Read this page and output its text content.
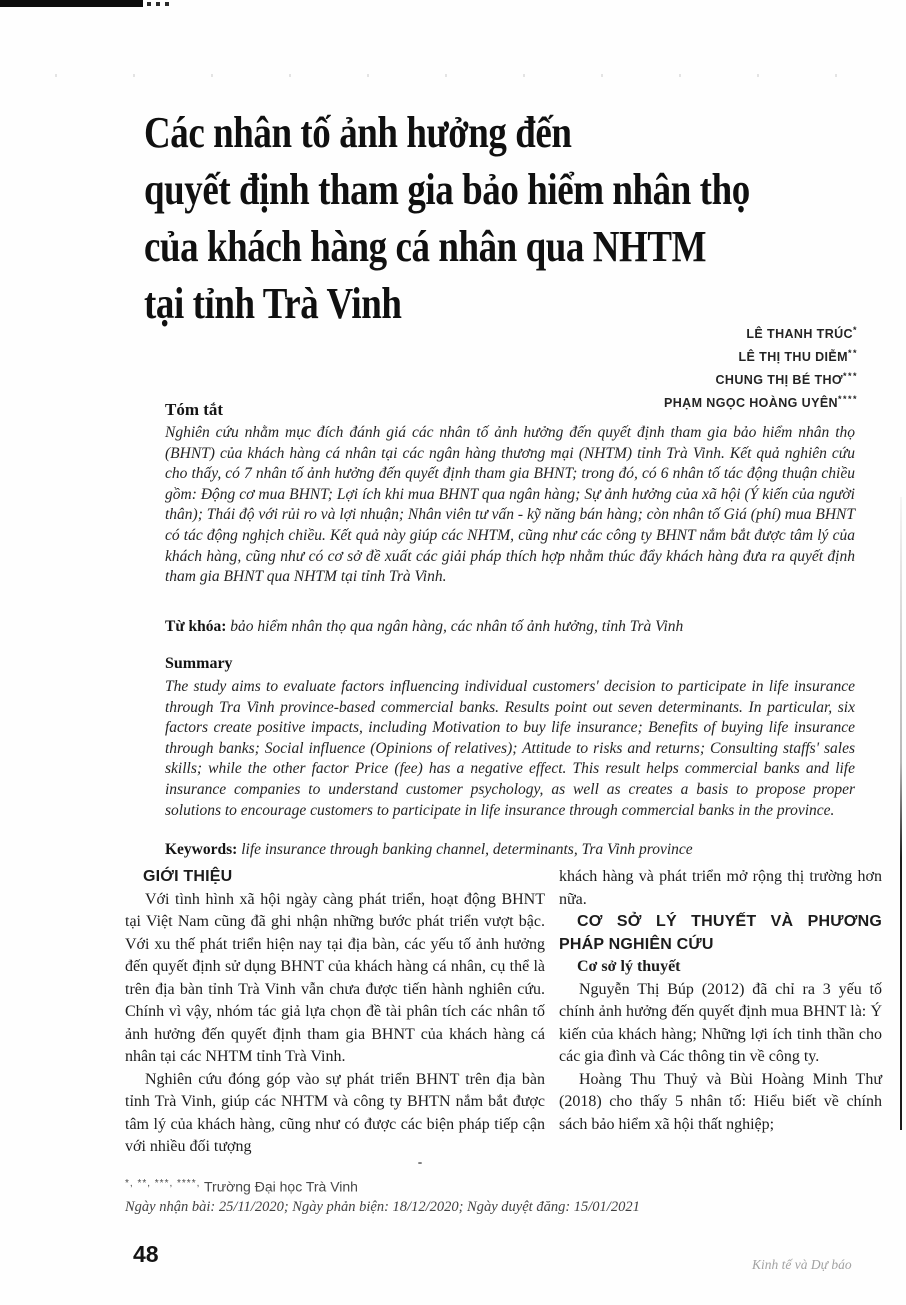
Các nhân tố ảnh hưởng đến
quyết định tham gia bảo hiểm nhân thọ
của khách hàng cá nhân qua NHTM
tại tỉnh Trà Vinh
LÊ THANH TRÚC*
LÊ THỊ THU DIỄM**
CHUNG THỊ BÉ THƠ***
PHẠM NGỌC HOÀNG UYÊN****
Tóm tắt
Nghiên cứu nhằm mục đích đánh giá các nhân tố ảnh hưởng đến quyết định tham gia bảo hiểm nhân thọ (BHNT) của khách hàng cá nhân tại các ngân hàng thương mại (NHTM) tỉnh Trà Vinh. Kết quả nghiên cứu cho thấy, có 7 nhân tố ảnh hưởng đến quyết định tham gia BHNT; trong đó, có 6 nhân tố tác động thuận chiều gồm: Động cơ mua BHNT; Lợi ích khi mua BHNT qua ngân hàng; Sự ảnh hưởng của xã hội (Ý kiến của người thân); Thái độ với rủi ro và lợi nhuận; Nhân viên tư vấn - kỹ năng bán hàng; còn nhân tố Giá (phí) mua BHNT có tác động nghịch chiều. Kết quả này giúp các NHTM, cũng như các công ty BHNT nắm bắt được tâm lý của khách hàng, cũng như có cơ sở đề xuất các giải pháp thích hợp nhằm thúc đẩy khách hàng đưa ra quyết định tham gia BHNT qua NHTM tại tỉnh Trà Vinh.
Từ khóa: bảo hiểm nhân thọ qua ngân hàng, các nhân tố ảnh hưởng, tỉnh Trà Vinh
Summary
The study aims to evaluate factors influencing individual customers' decision to participate in life insurance through Tra Vinh province-based commercial banks. Results point out seven determinants. In particular, six factors create positive impacts, including Motivation to buy life insurance; Benefits of buying life insurance through banks; Social influence (Opinions of relatives); Attitude to risks and returns; Consulting staffs' sales skills; while the other factor Price (fee) has a negative effect. This result helps commercial banks and life insurance companies to understand customer psychology, as well as creates a basis to propose proper solutions to encourage customers to participate in life insurance through commercial banks in the province.
Keywords: life insurance through banking channel, determinants, Tra Vinh province

GIỚI THIỆU

Với tình hình xã hội ngày càng phát triển, hoạt động BHNT tại Việt Nam cũng đã ghi nhận những bước phát triển vượt bậc. Với xu thế phát triển hiện nay tại địa bàn, các yếu tố ảnh hưởng đến quyết định sử dụng BHNT của khách hàng cá nhân, cụ thể là trên địa bàn tỉnh Trà Vinh vẫn chưa được tiến hành nghiên cứu. Chính vì vậy, nhóm tác giả lựa chọn đề tài phân tích các nhân tố ảnh hưởng đến quyết định tham gia BHNT của khách hàng cá nhân tại các NHTM tỉnh Trà Vinh.

Nghiên cứu đóng góp vào sự phát triển BHNT trên địa bàn tỉnh Trà Vinh, giúp các NHTM và công ty BHTN nắm bắt được tâm lý của khách hàng, cũng như có được các biện pháp tiếp cận với nhiều đối tượng

khách hàng và phát triển mở rộng thị trường hơn nữa.

CƠ SỞ LÝ THUYẾT VÀ PHƯƠNG PHÁP NGHIÊN CỨU

Cơ sở lý thuyết

Nguyễn Thị Búp (2012) đã chỉ ra 3 yếu tố chính ảnh hưởng đến quyết định mua BHNT là: Ý kiến của khách hàng; Những lợi ích tinh thần cho các gia đình và Các thông tin về công ty.

Hoàng Thu Thuỷ và Bùi Hoàng Minh Thư (2018) cho thấy 5 nhân tố: Hiểu biết về chính sách bảo hiểm xã hội thất nghiệp;

*, **, ***, ****, Trường Đại học Trà Vinh
Ngày nhận bài: 25/11/2020; Ngày phản biện: 18/12/2020; Ngày duyệt đăng: 15/01/2021
48	Kinh tế và Dự báo
